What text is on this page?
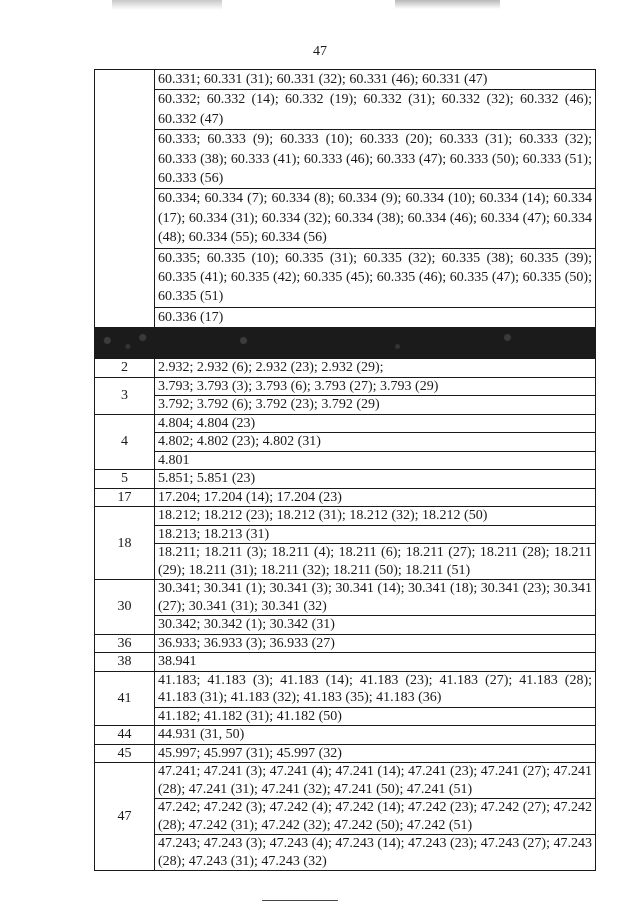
47
	60.331; 60.331 (31); 60.331 (32); 60.331 (46); 60.331 (47)
	60.332; 60.332 (14); 60.332 (19); 60.332 (31); 60.332 (32); 60.332 (46); 60.332 (47)
	60.333; 60.333 (9); 60.333 (10); 60.333 (20); 60.333 (31); 60.333 (32); 60.333 (38); 60.333 (41); 60.333 (46); 60.333 (47); 60.333 (50); 60.333 (51); 60.333 (56)
	60.334; 60.334 (7); 60.334 (8); 60.334 (9); 60.334 (10); 60.334 (14); 60.334 (17); 60.334 (31); 60.334 (32); 60.334 (38); 60.334 (46); 60.334 (47); 60.334 (48); 60.334 (55); 60.334 (56)
	60.335; 60.335 (10); 60.335 (31); 60.335 (32); 60.335 (38); 60.335 (39); 60.335 (41); 60.335 (42); 60.335 (45); 60.335 (46); 60.335 (47); 60.335 (50); 60.335 (51)
	60.336 (17)

2	2.932; 2.932 (6); 2.932 (23); 2.932 (29);
3	3.793; 3.793 (3); 3.793 (6); 3.793 (27); 3.793 (29)
	3.792; 3.792 (6); 3.792 (23); 3.792 (29)
4	4.804; 4.804 (23)
	4.802; 4.802 (23); 4.802 (31)
	4.801
5	5.851; 5.851 (23)
17	17.204; 17.204 (14); 17.204 (23)
18	18.212; 18.212 (23); 18.212 (31); 18.212 (32); 18.212 (50)
	18.213; 18.213 (31)
	18.211; 18.211 (3); 18.211 (4); 18.211 (6); 18.211 (27); 18.211 (28); 18.211 (29); 18.211 (31); 18.211 (32); 18.211 (50); 18.211 (51)
30	30.341; 30.341 (1); 30.341 (3); 30.341 (14); 30.341 (18); 30.341 (23); 30.341 (27); 30.341 (31); 30.341 (32)
	30.342; 30.342 (1); 30.342 (31)
36	36.933; 36.933 (3); 36.933 (27)
38	38.941
41	41.183; 41.183 (3); 41.183 (14); 41.183 (23); 41.183 (27); 41.183 (28); 41.183 (31); 41.183 (32); 41.183 (35); 41.183 (36)
	41.182; 41.182 (31); 41.182 (50)
44	44.931 (31, 50)
45	45.997; 45.997 (31); 45.997 (32)
47	47.241; 47.241 (3); 47.241 (4); 47.241 (14); 47.241 (23); 47.241 (27); 47.241 (28); 47.241 (31); 47.241 (32); 47.241 (50); 47.241 (51)
	47.242; 47.242 (3); 47.242 (4); 47.242 (14); 47.242 (23); 47.242 (27); 47.242 (28); 47.242 (31); 47.242 (32); 47.242 (50); 47.242 (51)
	47.243; 47.243 (3); 47.243 (4); 47.243 (14); 47.243 (23); 47.243 (27); 47.243 (28); 47.243 (31); 47.243 (32)
